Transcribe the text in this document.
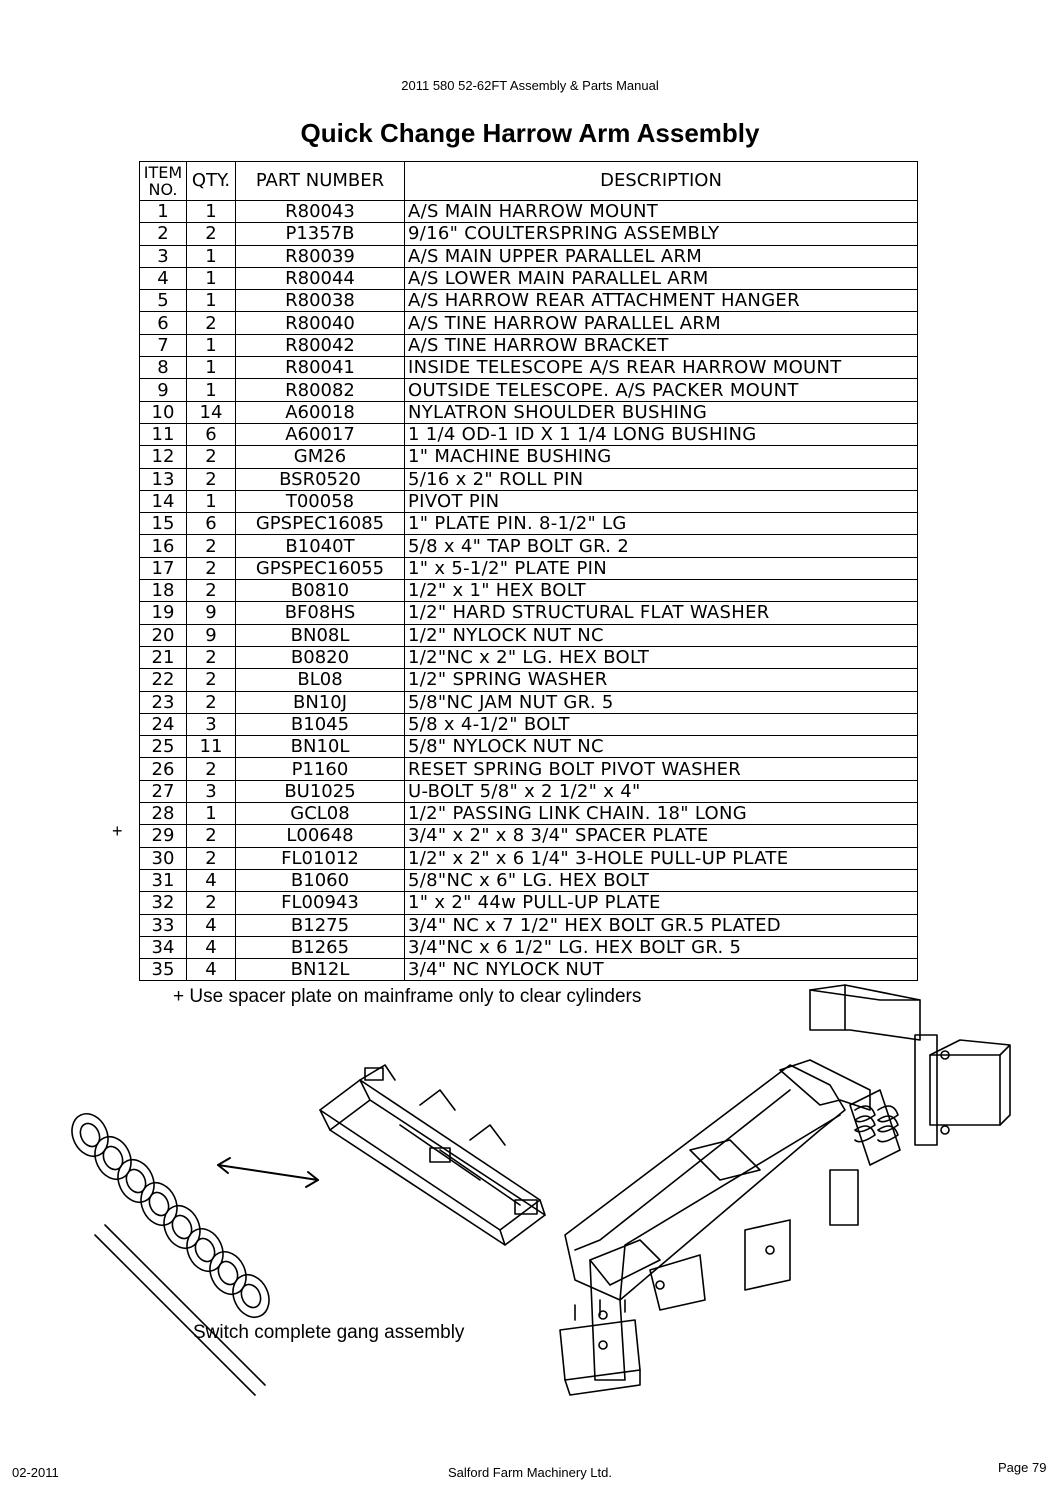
2011 580 52-62FT Assembly & Parts Manual
Quick Change Harrow Arm Assembly
ITEM
NO.	QTY.	PART NUMBER	DESCRIPTION
1	1	R80043	A/S MAIN HARROW MOUNT
2	2	P1357B	9/16" COULTERSPRING ASSEMBLY
3	1	R80039	A/S MAIN UPPER PARALLEL ARM
4	1	R80044	A/S LOWER MAIN PARALLEL ARM
5	1	R80038	A/S HARROW REAR ATTACHMENT HANGER
6	2	R80040	A/S TINE HARROW PARALLEL ARM
7	1	R80042	A/S TINE HARROW BRACKET
8	1	R80041	INSIDE TELESCOPE A/S REAR HARROW MOUNT
9	1	R80082	OUTSIDE TELESCOPE. A/S PACKER MOUNT
10	14	A60018	NYLATRON SHOULDER BUSHING
11	6	A60017	1 1/4 OD-1 ID X 1 1/4 LONG BUSHING
12	2	GM26	1" MACHINE BUSHING
13	2	BSR0520	5/16 x 2" ROLL PIN
14	1	T00058	PIVOT PIN
15	6	GPSPEC16085	1" PLATE PIN. 8-1/2" LG
16	2	B1040T	5/8 x 4" TAP BOLT GR. 2
17	2	GPSPEC16055	1" x 5-1/2" PLATE PIN
18	2	B0810	1/2" x 1" HEX BOLT
19	9	BF08HS	1/2" HARD STRUCTURAL FLAT WASHER
20	9	BN08L	1/2" NYLOCK NUT NC
21	2	B0820	1/2"NC x 2" LG. HEX BOLT
22	2	BL08	1/2" SPRING WASHER
23	2	BN10J	5/8"NC JAM NUT GR. 5
24	3	B1045	5/8 x 4-1/2" BOLT
25	11	BN10L	5/8" NYLOCK NUT NC
26	2	P1160	RESET SPRING BOLT PIVOT WASHER
27	3	BU1025	U-BOLT 5/8" x 2 1/2" x 4"
28	1	GCL08	1/2" PASSING LINK CHAIN. 18" LONG
29	2	L00648	3/4" x 2" x 8 3/4" SPACER PLATE
30	2	FL01012	1/2" x 2" x 6 1/4" 3-HOLE PULL-UP PLATE
31	4	B1060	5/8"NC x 6" LG. HEX BOLT
32	2	FL00943	1" x 2" 44w PULL-UP PLATE
33	4	B1275	3/4" NC x 7 1/2" HEX BOLT GR.5 PLATED
34	4	B1265	3/4"NC x 6 1/2" LG. HEX BOLT GR. 5
35	4	BN12L	3/4" NC NYLOCK NUT
+
+ Use spacer plate on mainframe only to clear cylinders
Switch complete gang assembly
02-2011	Salford Farm Machinery Ltd.	Page 79
